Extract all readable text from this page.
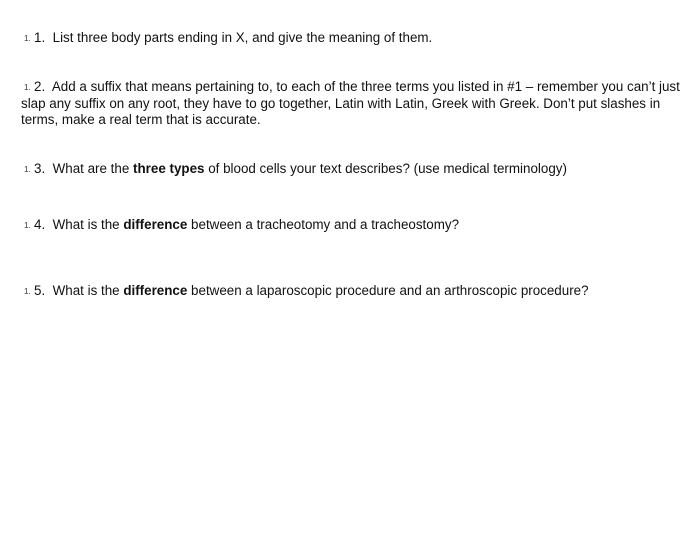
1. 1. List three body parts ending in X, and give the meaning of them.
1. 2. Add a suffix that means pertaining to, to each of the three terms you listed in #1 – remember you can’t just
slap any suffix on any root, they have to go together, Latin with Latin, Greek with Greek. Don’t put slashes in
terms, make a real term that is accurate.
1. 3. What are the three types of blood cells your text describes? (use medical terminology)
1. 4. What is the difference between a tracheotomy and a tracheostomy?
1. 5. What is the difference between a laparoscopic procedure and an arthroscopic procedure?
